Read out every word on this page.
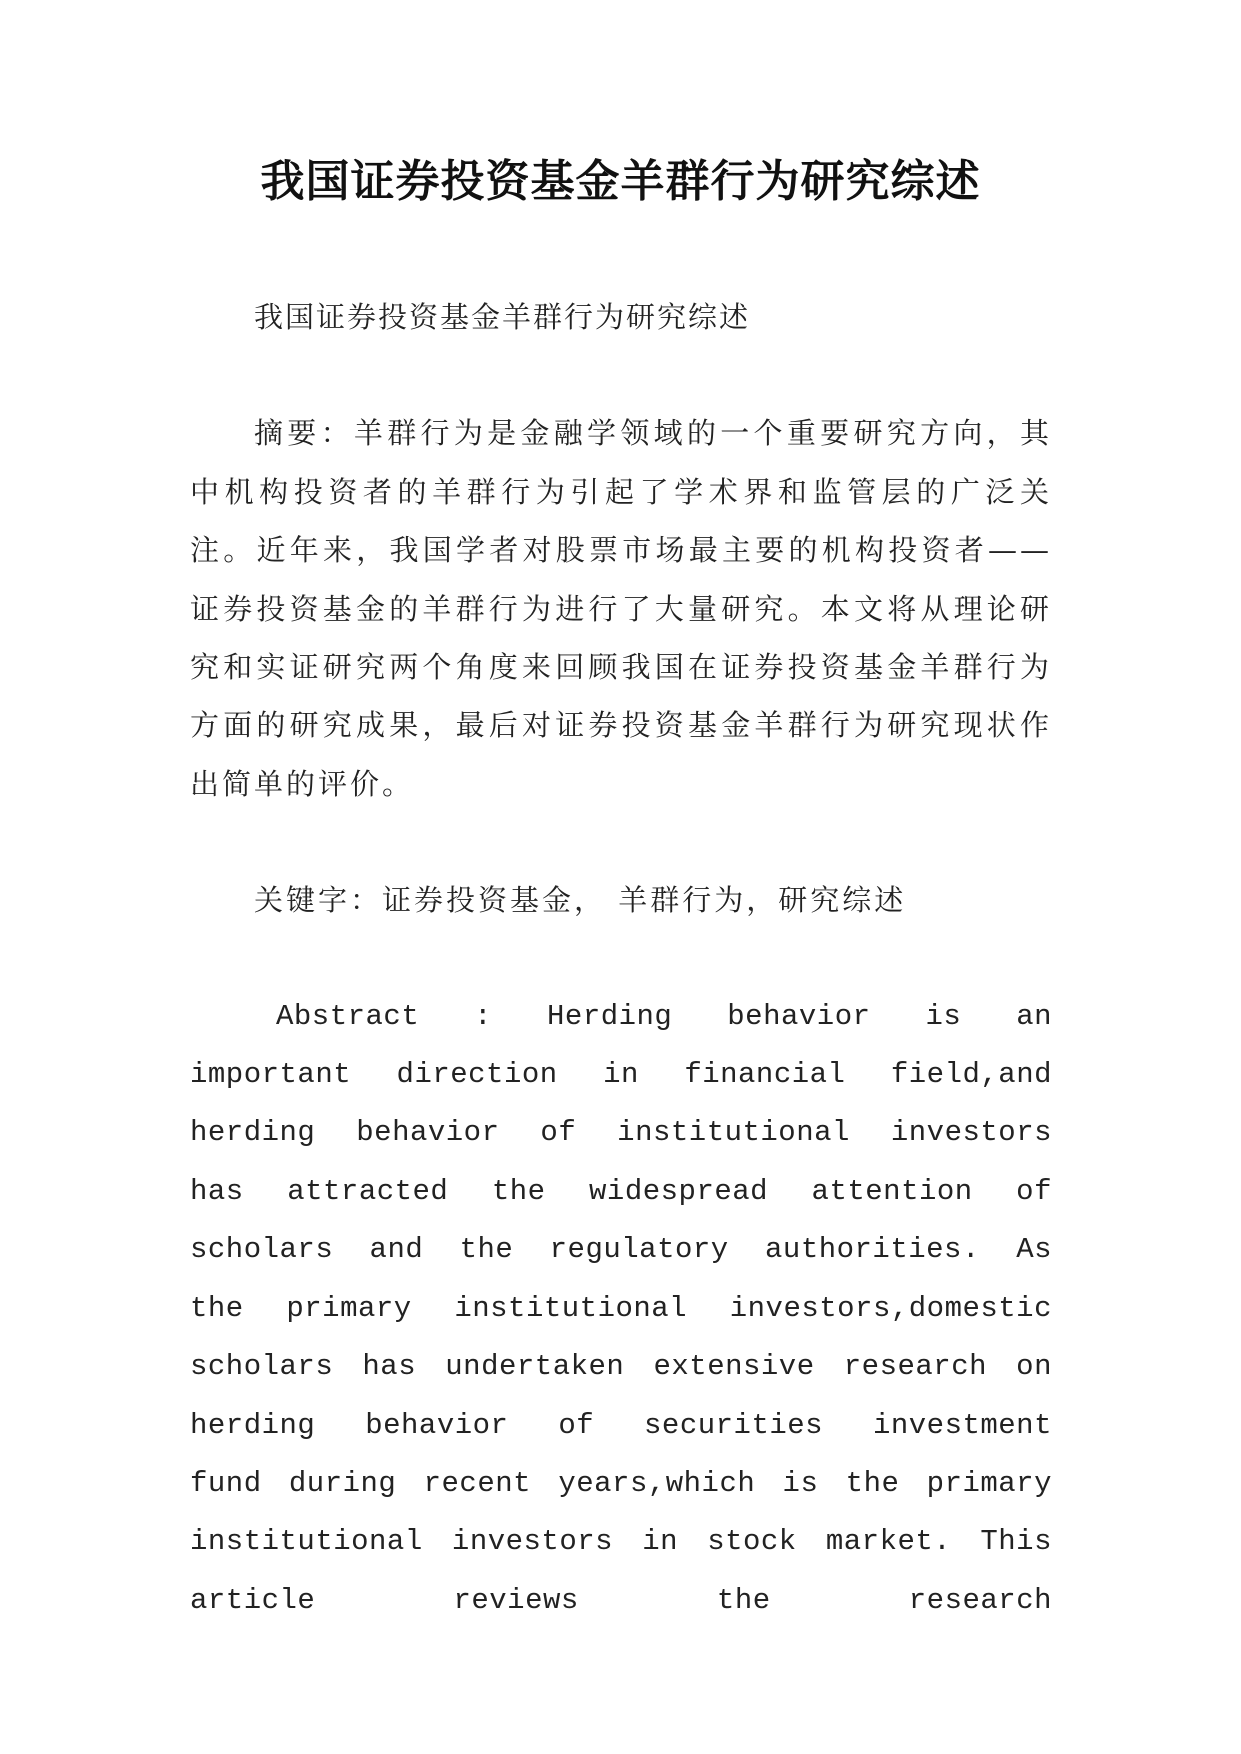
我国证券投资基金羊群行为研究综述

我国证券投资基金羊群行为研究综述

摘要：羊群行为是金融学领域的一个重要研究方向，其中机构投资者的羊群行为引起了学术界和监管层的广泛关注。近年来，我国学者对股票市场最主要的机构投资者——证券投资基金的羊群行为进行了大量研究。本文将从理论研究和实证研究两个角度来回顾我国在证券投资基金羊群行为方面的研究成果，最后对证券投资基金羊群行为研究现状作出简单的评价。

关键字：证券投资基金， 羊群行为，研究综述

Abstract : Herding behavior is an important direction in financial field,and herding behavior of institutional investors has attracted the widespread attention of scholars and the regulatory authorities. As the primary institutional investors,domestic scholars has undertaken extensive research on herding behavior of securities investment fund during recent years,which is the primary institutional investors in stock market. This article reviews the research
